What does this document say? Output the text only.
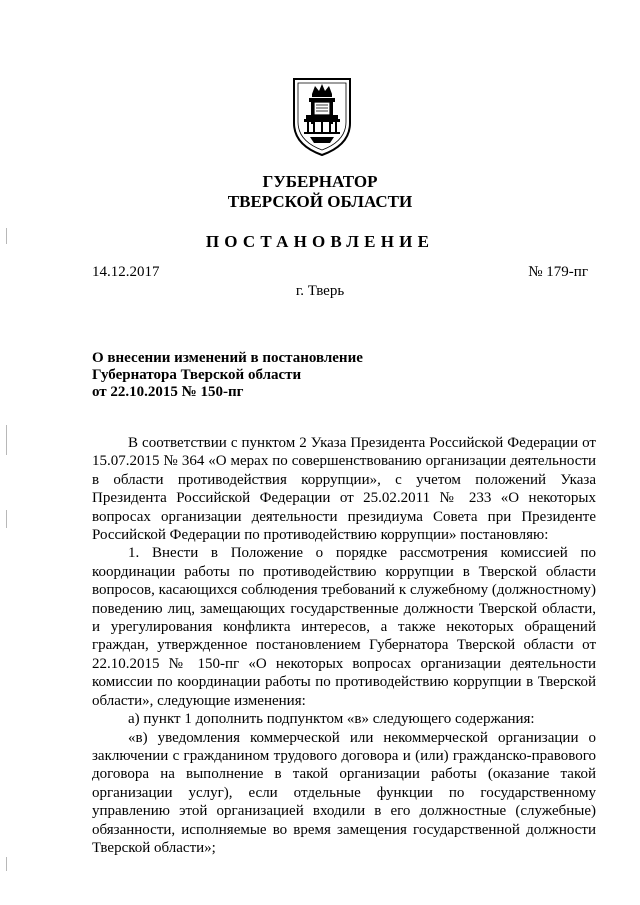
ГУБЕРНАТОР
ТВЕРСКОЙ ОБЛАСТИ
ПОСТАНОВЛЕНИЕ
14.12.2017	№ 179-пг
г. Тверь
О внесении изменений в постановление
Губернатора Тверской области
от 22.10.2015 № 150-пг

В соответствии с пунктом 2 Указа Президента Российской Федерации от 15.07.2015 № 364 «О мерах по совершенствованию организации деятельности в области противодействия коррупции», с учетом положений Указа Президента Российской Федерации от 25.02.2011 № 233 «О некоторых вопросах организации деятельности президиума Совета при Президенте Российской Федерации по противодействию коррупции» постановляю:

1. Внести в Положение о порядке рассмотрения комиссией по координации работы по противодействию коррупции в Тверской области вопросов, касающихся соблюдения требований к служебному (должностному) поведению лиц, замещающих государственные должности Тверской области, и урегулирования конфликта интересов, а также некоторых обращений граждан, утвержденное постановлением Губернатора Тверской области от 22.10.2015 № 150-пг «О некоторых вопросах организации деятельности комиссии по координации работы по противодействию коррупции в Тверской области», следующие изменения:

а) пункт 1 дополнить подпунктом «в» следующего содержания:

«в) уведомления коммерческой или некоммерческой организации о заключении с гражданином трудового договора и (или) гражданско-правового договора на выполнение в такой организации работы (оказание такой организации услуг), если отдельные функции по государственному управлению этой организацией входили в его должностные (служебные) обязанности, исполняемые во время замещения государственной должности Тверской области»;
